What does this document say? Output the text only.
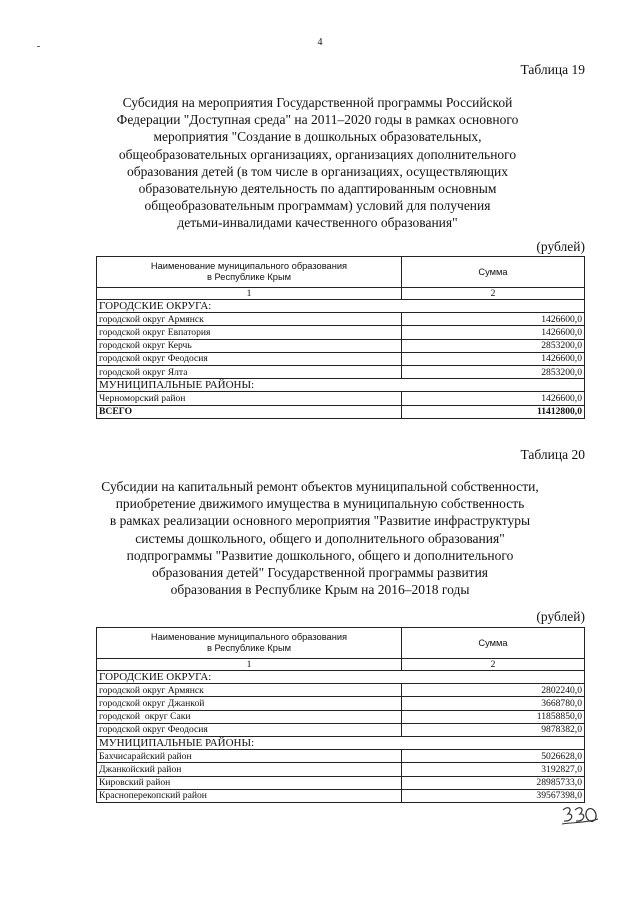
4
Таблица 19
Субсидия на мероприятия Государственной программы Российской
Федерации "Доступная среда" на 2011–2020 годы в рамках основного
мероприятия "Создание в дошкольных образовательных,
общеобразовательных организациях, организациях дополнительного
образования детей (в том числе в организациях, осуществляющих
образовательную деятельность по адаптированным основным
общеобразовательным программам) условий для получения
детьми-инвалидами качественного образования"
(рублей)
Наименование муниципального образования
в Республике Крым	Сумма
1	2
ГОРОДСКИЕ ОКРУГА:	
городской округ Армянск	1426600,0
городской округ Евпатория	1426600,0
городской округ Керчь	2853200,0
городской округ Феодосия	1426600,0
городской округ Ялта	2853200,0
МУНИЦИПАЛЬНЫЕ РАЙОНЫ:	
Черноморский район	1426600,0
ВСЕГО	11412800,0
Таблица 20
Субсидии на капитальный ремонт объектов муниципальной собственности,
приобретение движимого имущества в муниципальную собственность
в рамках реализации основного мероприятия "Развитие инфраструктуры
системы дошкольного, общего и дополнительного образования"
подпрограммы "Развитие дошкольного, общего и дополнительного
образования детей" Государственной программы развития
образования в Республике Крым на 2016–2018 годы
(рублей)
Наименование муниципального образования
в Республике Крым	Сумма
1	2
ГОРОДСКИЕ ОКРУГА:	
городской округ Армянск	2802240,0
городской округ Джанкой	3668780,0
городской  округ Саки	11858850,0
городской округ Феодосия	9878382,0
МУНИЦИПАЛЬНЫЕ РАЙОНЫ:	
Бахчисарайский район	5026628,0
Джанкойский район	3192827,0
Кировский район	28985733,0
Красноперекопский район	39567398,0
